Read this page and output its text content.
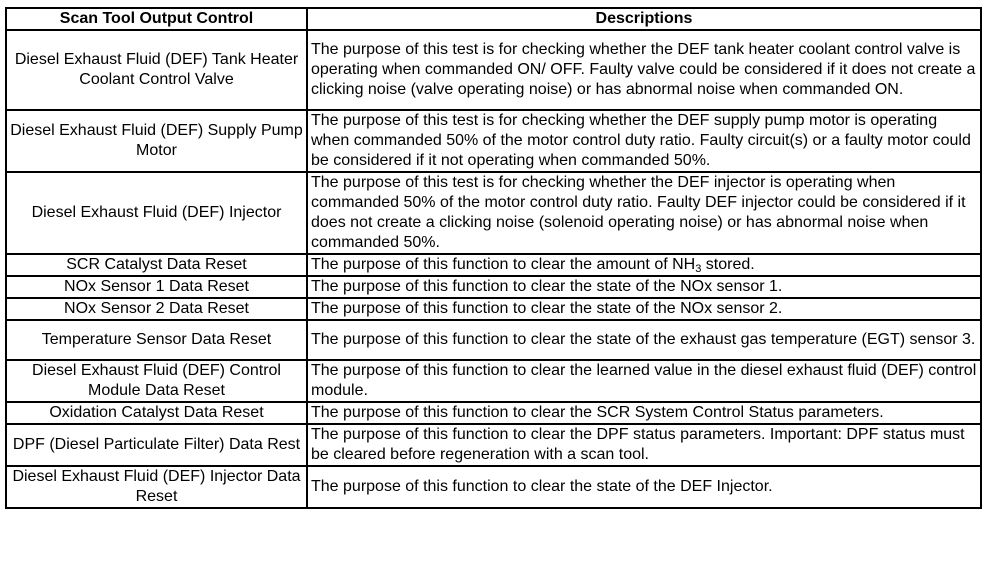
Scan Tool Output Control	Descriptions
Diesel Exhaust Fluid (DEF) Tank Heater Coolant Control Valve	The purpose of this test is for checking whether the DEF tank heater coolant control valve is operating when commanded ON/ OFF. Faulty valve could be considered if it does not create a clicking noise (valve operating noise) or has abnormal noise when commanded ON.
Diesel Exhaust Fluid (DEF) Supply Pump Motor	The purpose of this test is for checking whether the DEF supply pump motor is operating when commanded 50% of the motor control duty ratio. Faulty circuit(s) or a faulty motor could be considered if it not operating when commanded 50%.
Diesel Exhaust Fluid (DEF) Injector	The purpose of this test is for checking whether the DEF injector is operating when commanded 50% of the motor control duty ratio. Faulty DEF injector could be considered if it does not create a clicking noise (solenoid operating noise) or has abnormal noise when commanded 50%.
SCR Catalyst Data Reset	The purpose of this function to clear the amount of $NH_3$ stored.
NOx Sensor 1 Data Reset	The purpose of this function to clear the state of the NOx sensor 1.
NOx Sensor 2 Data Reset	The purpose of this function to clear the state of the NOx sensor 2.
Temperature Sensor Data Reset	The purpose of this function to clear the state of the exhaust gas temperature (EGT) sensor 3.
Diesel Exhaust Fluid (DEF) Control Module Data Reset	The purpose of this function to clear the learned value in the diesel exhaust fluid (DEF) control module.
Oxidation Catalyst Data Reset	The purpose of this function to clear the SCR System Control Status parameters.
DPF (Diesel Particulate Filter) Data Rest	The purpose of this function to clear the DPF status parameters. Important: DPF status must be cleared before regeneration with a scan tool.
Diesel Exhaust Fluid (DEF) Injector Data Reset	The purpose of this function to clear the state of the DEF Injector.
